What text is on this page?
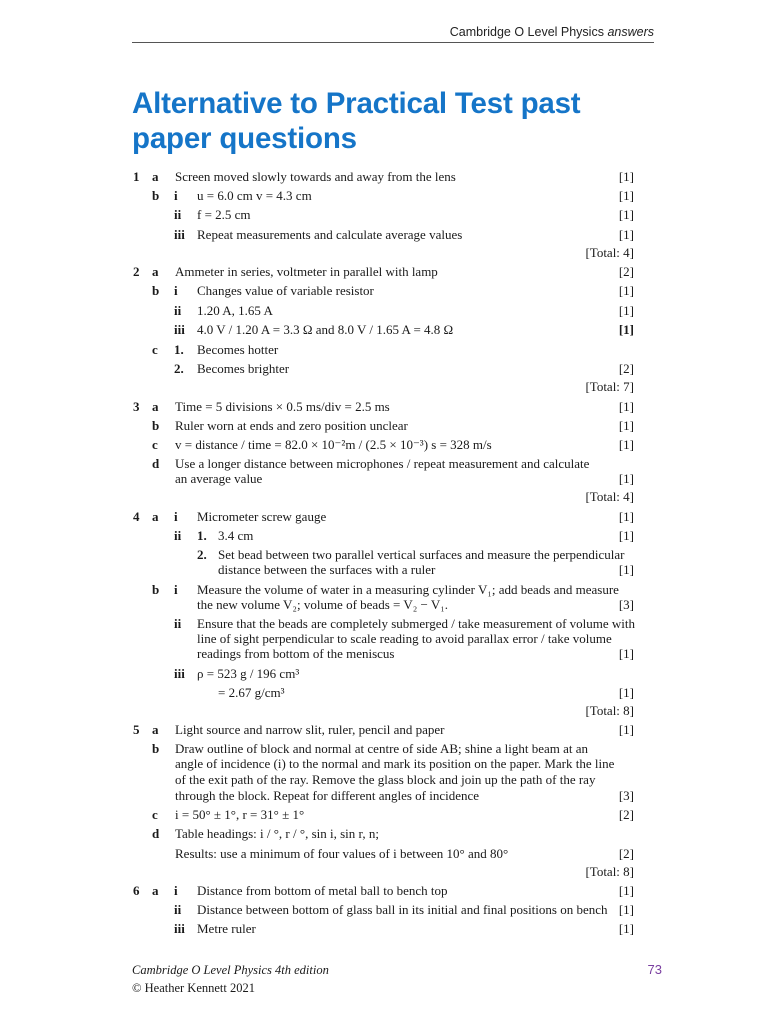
Cambridge O Level Physics answers
Alternative to Practical Test past paper questions
1 a Screen moved slowly towards and away from the lens	[1]
b i u = 6.0 cm v = 4.3 cm	[1]
ii f = 2.5 cm	[1]
iii Repeat measurements and calculate average values	[1]
[Total: 4]
2 a Ammeter in series, voltmeter in parallel with lamp	[2]
b i Changes value of variable resistor	[1]
ii 1.20 A, 1.65 A	[1]
iii 4.0 V / 1.20 A = 3.3 Ω and 8.0 V / 1.65 A = 4.8 Ω	[1]
c 1. Becomes hotter
2. Becomes brighter	[2]
[Total: 7]
3 a Time = 5 divisions × 0.5 ms/div = 2.5 ms	[1]
b Ruler worn at ends and zero position unclear	[1]
c v = distance / time = 82.0 × 10⁻²m / (2.5 × 10⁻³) s = 328 m/s	[1]
d Use a longer distance between microphones / repeat measurement and calculate
an average value	[1]
[Total: 4]
4 a i Micrometer screw gauge	[1]
ii 1. 3.4 cm	[1]
2. Set bead between two parallel vertical surfaces and measure the perpendicular
distance between the surfaces with a ruler	[1]
b i Measure the volume of water in a measuring cylinder V₁; add beads and measure
the new volume V₂; volume of beads = V₂ − V₁.	[3]
ii Ensure that the beads are completely submerged / take measurement of volume with
line of sight perpendicular to scale reading to avoid parallax error / take volume
readings from bottom of the meniscus	[1]
iii ρ = 523 g / 196 cm³
= 2.67 g/cm³	[1]
[Total: 8]
5 a Light source and narrow slit, ruler, pencil and paper	[1]
b Draw outline of block and normal at centre of side AB; shine a light beam at an
angle of incidence (i) to the normal and mark its position on the paper. Mark the line
of the exit path of the ray. Remove the glass block and join up the path of the ray
through the block. Repeat for different angles of incidence	[3]
c i = 50° ± 1°, r = 31° ± 1°	[2]
d Table headings: i / °, r / °, sin i, sin r, n;
Results: use a minimum of four values of i between 10° and 80°	[2]
[Total: 8]
6 a i Distance from bottom of metal ball to bench top	[1]
ii Distance between bottom of glass ball in its initial and final positions on bench [1]
iii Metre ruler	[1]
Cambridge O Level Physics 4th edition
© Heather Kennett 2021
73
